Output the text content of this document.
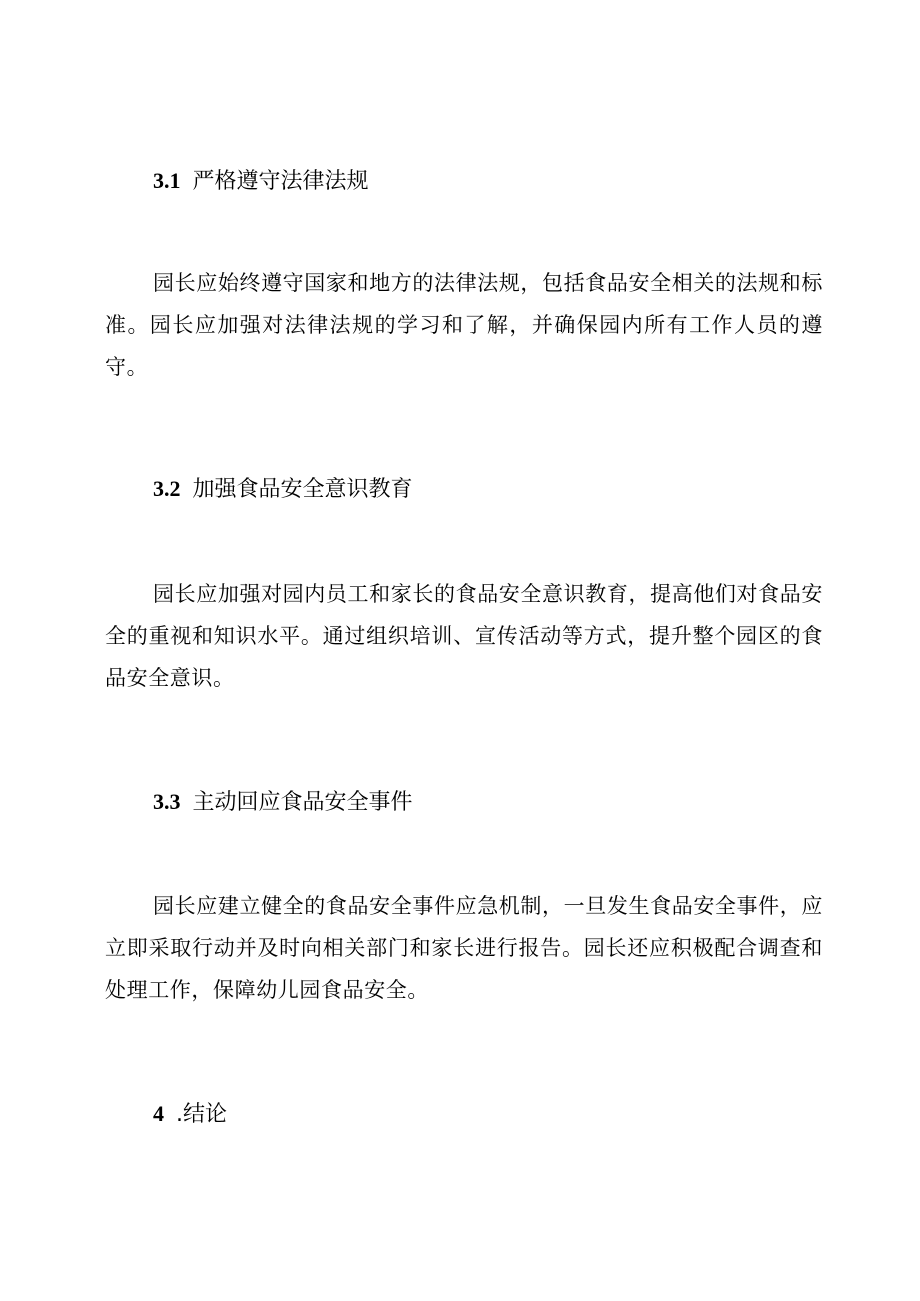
3.1 严格遵守法律法规

园长应始终遵守国家和地方的法律法规，包括食品安全相关的法规和标准。园长应加强对法律法规的学习和了解，并确保园内所有工作人员的遵守。

3.2 加强食品安全意识教育

园长应加强对园内员工和家长的食品安全意识教育，提高他们对食品安全的重视和知识水平。通过组织培训、宣传活动等方式，提升整个园区的食品安全意识。

3.3 主动回应食品安全事件

园长应建立健全的食品安全事件应急机制，一旦发生食品安全事件，应立即采取行动并及时向相关部门和家长进行报告。园长还应积极配合调查和处理工作，保障幼儿园食品安全。

4 .结论
